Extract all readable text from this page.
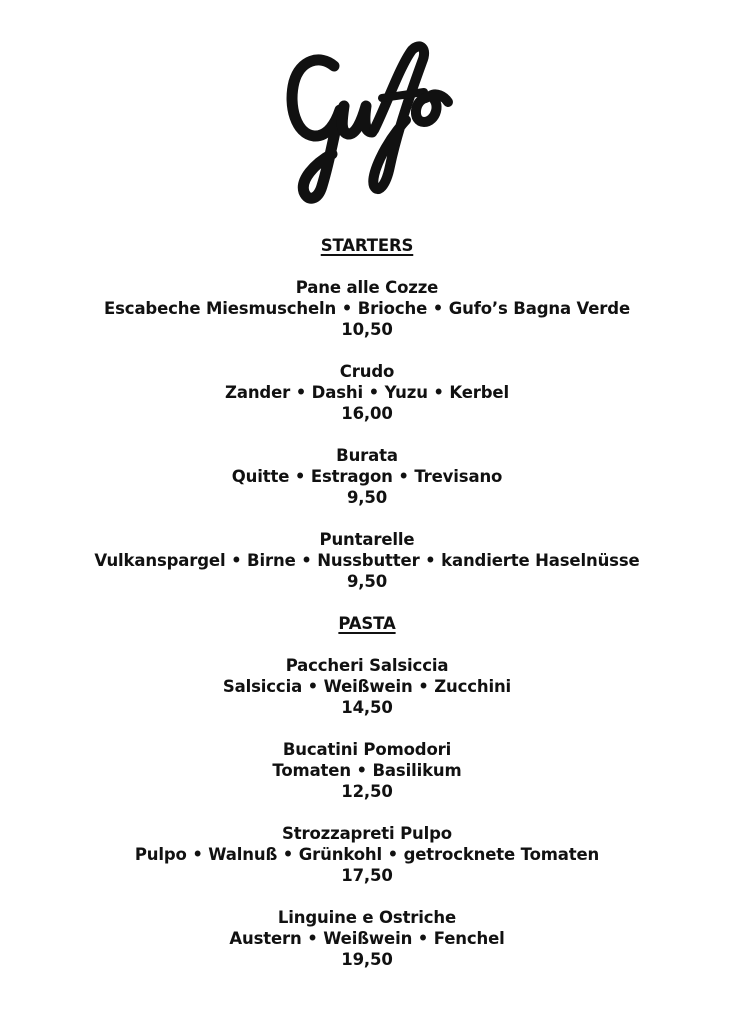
STARTERS
Pane alle Cozze
Escabeche Miesmuscheln • Brioche • Gufo’s Bagna Verde
10,50
Crudo
Zander • Dashi • Yuzu • Kerbel
16,00
Burata
Quitte • Estragon • Trevisano
9,50
Puntarelle
Vulkanspargel • Birne • Nussbutter • kandierte Haselnüsse
9,50
PASTA
Paccheri Salsiccia
Salsiccia • Weißwein • Zucchini
14,50
Bucatini Pomodori
Tomaten • Basilikum
12,50
Strozzapreti Pulpo
Pulpo • Walnuß • Grünkohl • getrocknete Tomaten
17,50
Linguine e Ostriche
Austern • Weißwein • Fenchel
19,50
